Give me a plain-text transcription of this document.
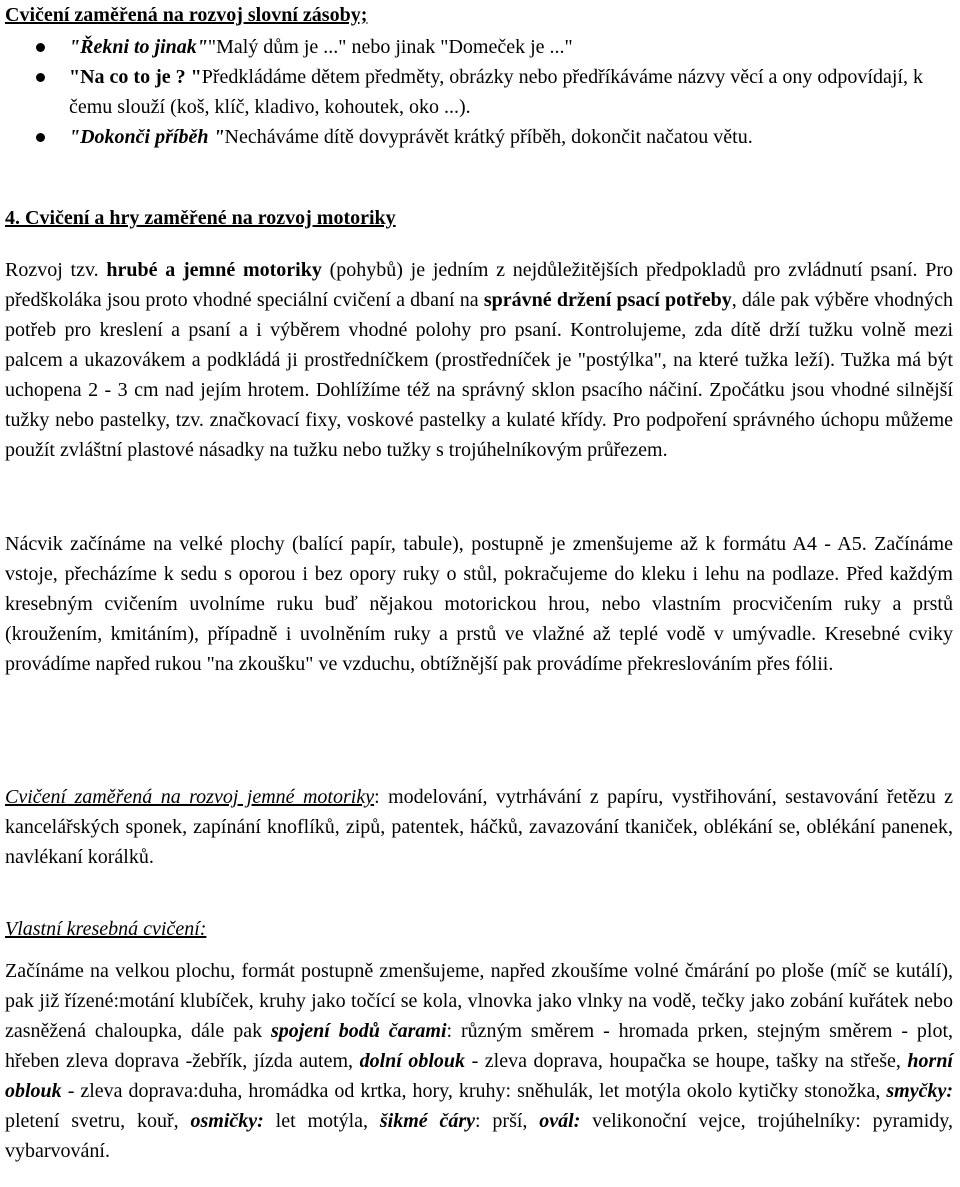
Cvičení zaměřená na rozvoj slovní zásoby;

"Řekni to jinak""Malý dům je ..." nebo jinak "Domeček je ..."
"Na co to je ? "Předkládáme dětem předměty, obrázky nebo předříkáváme názvy věcí a ony odpovídají, k čemu slouží (koš, klíč, kladivo, kohoutek, oko ...).
"Dokonči příběh "Necháváme dítě dovyprávět krátký příběh, dokončit načatou větu.

4. Cvičení a hry zaměřené na rozvoj motoriky

Rozvoj tzv. hrubé a jemné motoriky (pohybů) je jedním z nejdůležitějších předpokladů pro zvládnutí psaní. Pro předškoláka jsou proto vhodné speciální cvičení a dbaní na správné držení psací potřeby, dále pak výběre vhodných potřeb pro kreslení a psaní a i výběrem vhodné polohy pro psaní. Kontrolujeme, zda dítě drží tužku volně mezi palcem a ukazovákem a podkládá ji prostředníčkem (prostředníček je "postýlka", na které tužka leží). Tužka má být uchopena 2 - 3 cm nad jejím hrotem. Dohlížíme též na správný sklon psacího náčiní. Zpočátku jsou vhodné silnější tužky nebo pastelky, tzv. značkovací fixy, voskové pastelky a kulaté křídy. Pro podpoření správného úchopu můžeme použít zvláštní plastové násadky na tužku nebo tužky s trojúhelníkovým průřezem.

Nácvik začínáme na velké plochy (balící papír, tabule), postupně je zmenšujeme až k formátu A4 - A5. Začínáme vstoje, přecházíme k sedu s oporou i bez opory ruky o stůl, pokračujeme do kleku i lehu na podlaze. Před každým kresebným cvičením uvolníme ruku buď nějakou motorickou hrou, nebo vlastním procvičením ruky a prstů (kroužením, kmitáním), případně i uvolněním ruky a prstů ve vlažné až teplé vodě v umývadle. Kresebné cviky provádíme napřed rukou "na zkoušku" ve vzduchu, obtížnější pak provádíme překreslováním přes fólii.

Cvičení zaměřená na rozvoj jemné motoriky: modelování, vytrhávání z papíru, vystřihování, sestavování řetězu z kancelářských sponek, zapínání knoflíků, zipů, patentek, háčků, zavazování tkaniček, oblékání se, oblékání panenek, navlékaní korálků.

Vlastní kresebná cvičení:

Začínáme na velkou plochu, formát postupně zmenšujeme, napřed zkoušíme volné čmárání po ploše (míč se kutálí), pak již řízené:motání klubíček, kruhy jako točící se kola, vlnovka jako vlnky na vodě, tečky jako zobání kuřátek nebo zasněžená chaloupka, dále pak spojení bodů čarami: různým směrem - hromada prken, stejným směrem - plot, hřeben zleva doprava -žebřík, jízda autem, dolní oblouk - zleva doprava, houpačka se houpe, tašky na střeše, horní oblouk - zleva doprava:duha, hromádka od krtka, hory, kruhy: sněhulák, let motýla okolo kytičky stonožka, smyčky: pletení svetru, kouř, osmičky: let motýla, šikmé čáry: prší, ovál: velikonoční vejce, trojúhelníky: pyramidy, vybarvování.
